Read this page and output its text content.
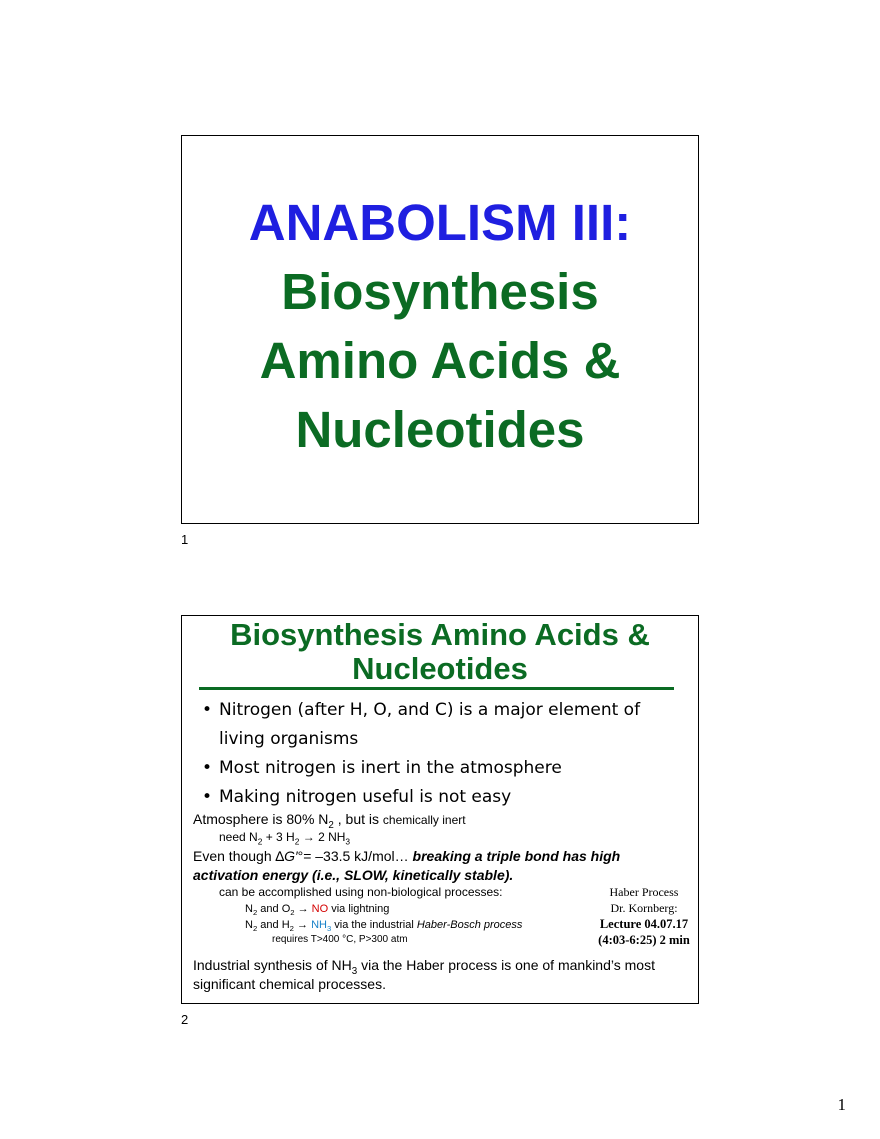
ANABOLISM III:
Biosynthesis
Amino Acids &
Nucleotides
1
Biosynthesis Amino Acids &
Nucleotides
• Nitrogen (after H, O, and C) is a major element of living organisms
• Most nitrogen is inert in the atmosphere
• Making nitrogen useful is not easy
Atmosphere is 80% $N_2$ , but is chemically inert
need $N_2 + 3$ $H_2 \to 2$ $NH_3$
Even though ∆G′°= –33.5 kJ/mol… breaking a triple bond has high
activation energy (i.e., SLOW, kinetically stable).
can be accomplished using non-biological processes:
$N_2$ and $O_2$ → NO via lightning
$N_2$ and $H_2 \to NH_3$ via the industrial Haber-Bosch process
requires T>400 °C, P>300 atm
Haber Process
Dr. Kornberg:
Lecture 04.07.17
(4:03-6:25) 2 min
Industrial synthesis of $NH_3$ via the Haber process is one of mankind’s most
significant chemical processes.
2
1
